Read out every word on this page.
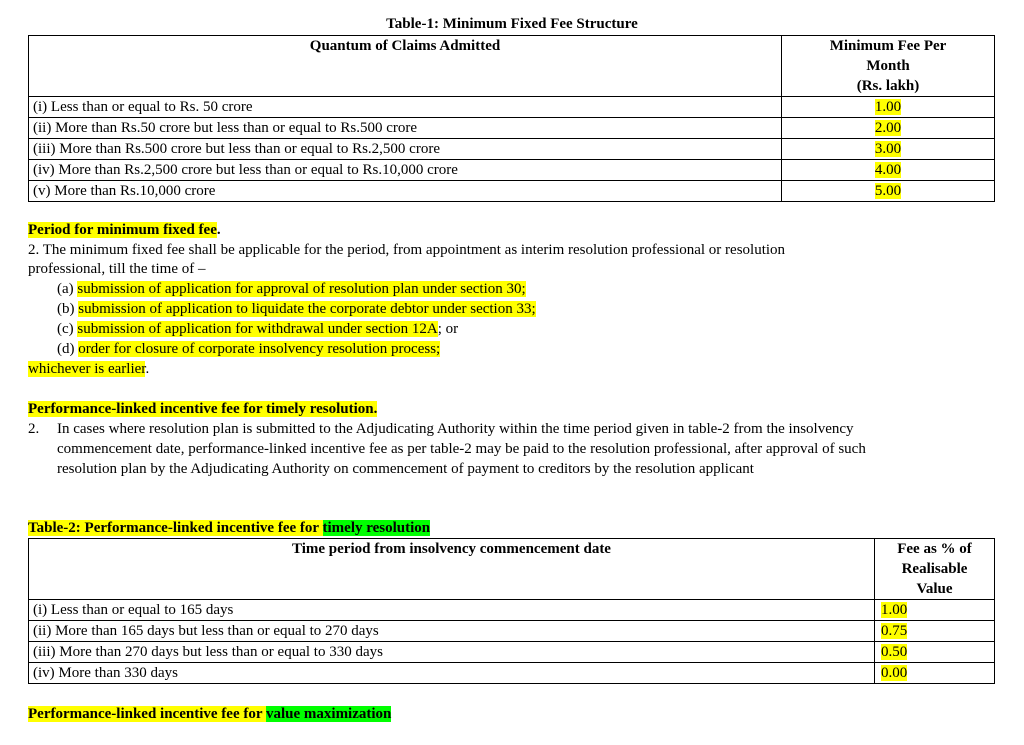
Table-1: Minimum Fixed Fee Structure
Quantum of Claims Admitted	Minimum Fee Per
Month
(Rs. lakh)

(i) Less than or equal to Rs. 50 crore	1.00
(ii) More than Rs.50 crore but less than or equal to Rs.500 crore	2.00
(iii) More than Rs.500 crore but less than or equal to Rs.2,500 crore	3.00
(iv) More than Rs.2,500 crore but less than or equal to Rs.10,000 crore	4.00
(v) More than Rs.10,000 crore	5.00
Period for minimum fixed fee.
2. The minimum fixed fee shall be applicable for the period, from appointment as interim resolution professional or resolution
professional, till the time of –
(a) submission of application for approval of resolution plan under section 30;
(b) submission of application to liquidate the corporate debtor under section 33;
(c) submission of application for withdrawal under section 12A; or
(d) order for closure of corporate insolvency resolution process;
whichever is earlier.
Performance-linked incentive fee for timely resolution.
2. In cases where resolution plan is submitted to the Adjudicating Authority within the time period given in table-2 from the insolvency
commencement date, performance-linked incentive fee as per table-2 may be paid to the resolution professional, after approval of such
resolution plan by the Adjudicating Authority on commencement of payment to creditors by the resolution applicant
Table-2: Performance-linked incentive fee for timely resolution
Time period from insolvency commencement date	Fee as % of
Realisable
Value

(i) Less than or equal to 165 days	1.00
(ii) More than 165 days but less than or equal to 270 days	0.75
(iii) More than 270 days but less than or equal to 330 days	0.50
(iv) More than 330 days	0.00
Performance-linked incentive fee for value maximization
